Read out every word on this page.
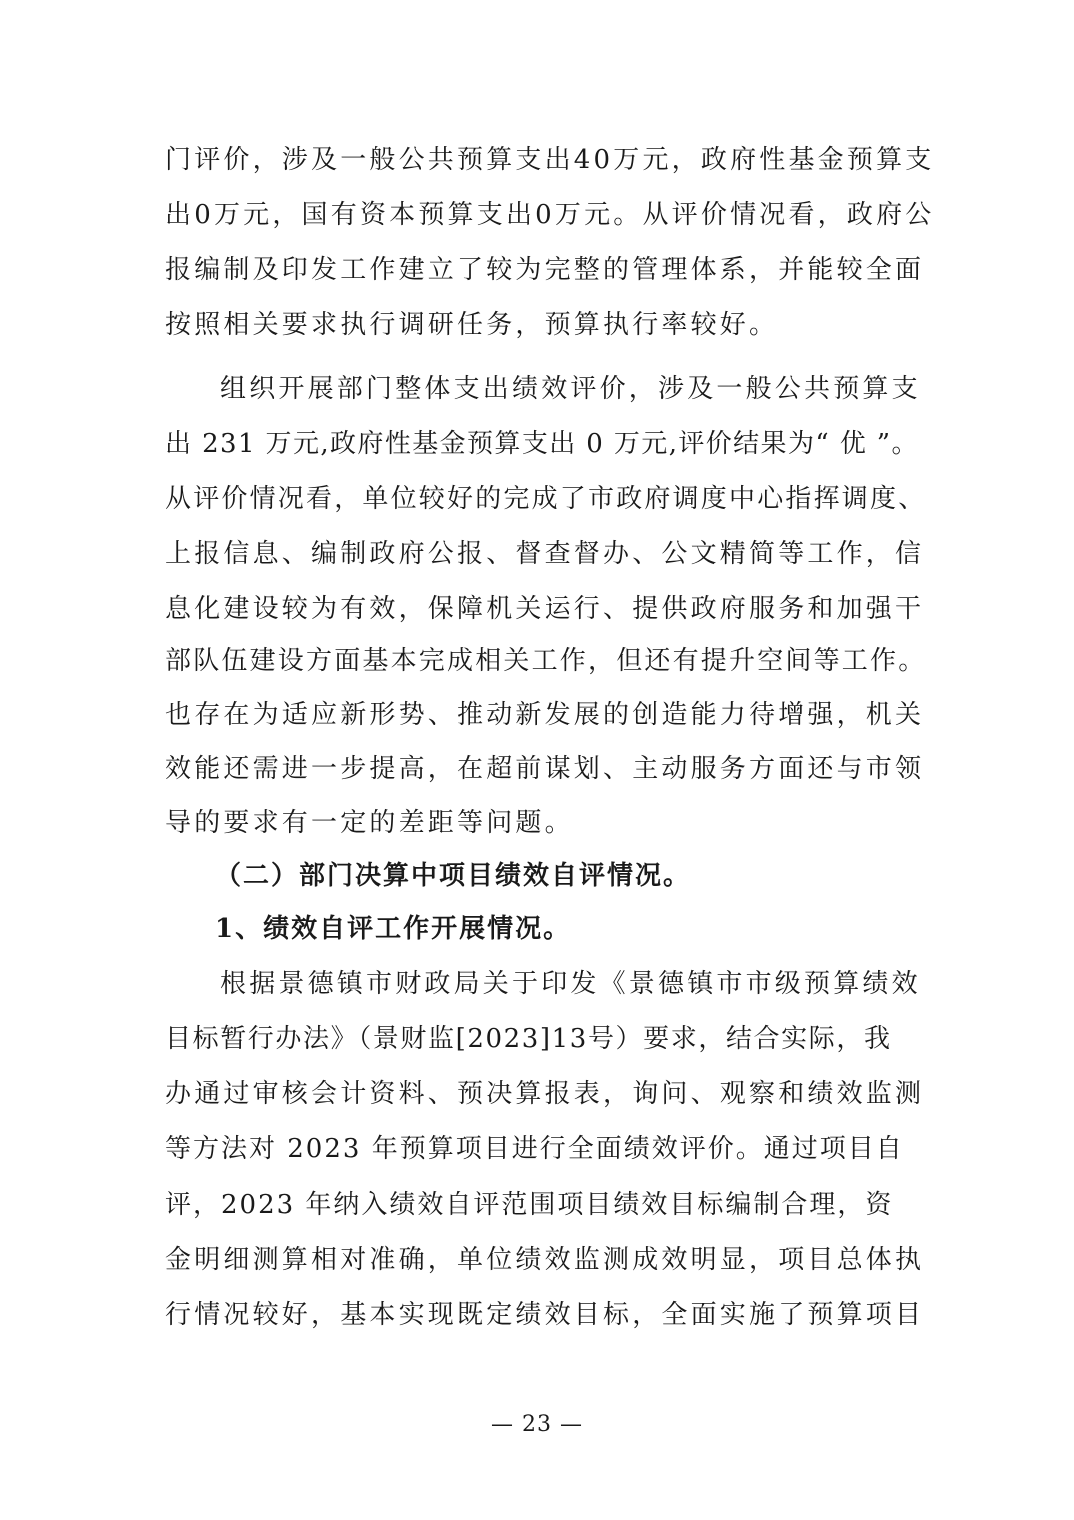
门评价，涉及一般公共预算支出40万元，政府性基金预算支
出0万元，国有资本预算支出0万元。从评价情况看，政府公
报编制及印发工作建立了较为完整的管理体系，并能较全面
按照相关要求执行调研任务，预算执行率较好。
组织开展部门整体支出绩效评价，涉及一般公共预算支
出 231 万元,政府性基金预算支出 0 万元,评价结果为“ 优 ”。
从评价情况看，单位较好的完成了市政府调度中心指挥调度、
上报信息、编制政府公报、督查督办、公文精简等工作，信
息化建设较为有效，保障机关运行、提供政府服务和加强干
部队伍建设方面基本完成相关工作，但还有提升空间等工作。
也存在为适应新形势、推动新发展的创造能力待增强，机关
效能还需进一步提高，在超前谋划、主动服务方面还与市领
导的要求有一定的差距等问题。
（二）部门决算中项目绩效自评情况。
1、绩效自评工作开展情况。
根据景德镇市财政局关于印发《景德镇市市级预算绩效
目标暂行办法》（景财监[2023]13号）要求，结合实际，我
办通过审核会计资料、预决算报表，询问、观察和绩效监测
等方法对 2023 年预算项目进行全面绩效评价。通过项目自
评，2023 年纳入绩效自评范围项目绩效目标编制合理，资
金明细测算相对准确，单位绩效监测成效明显，项目总体执
行情况较好，基本实现既定绩效目标，全面实施了预算项目
— 23 —
